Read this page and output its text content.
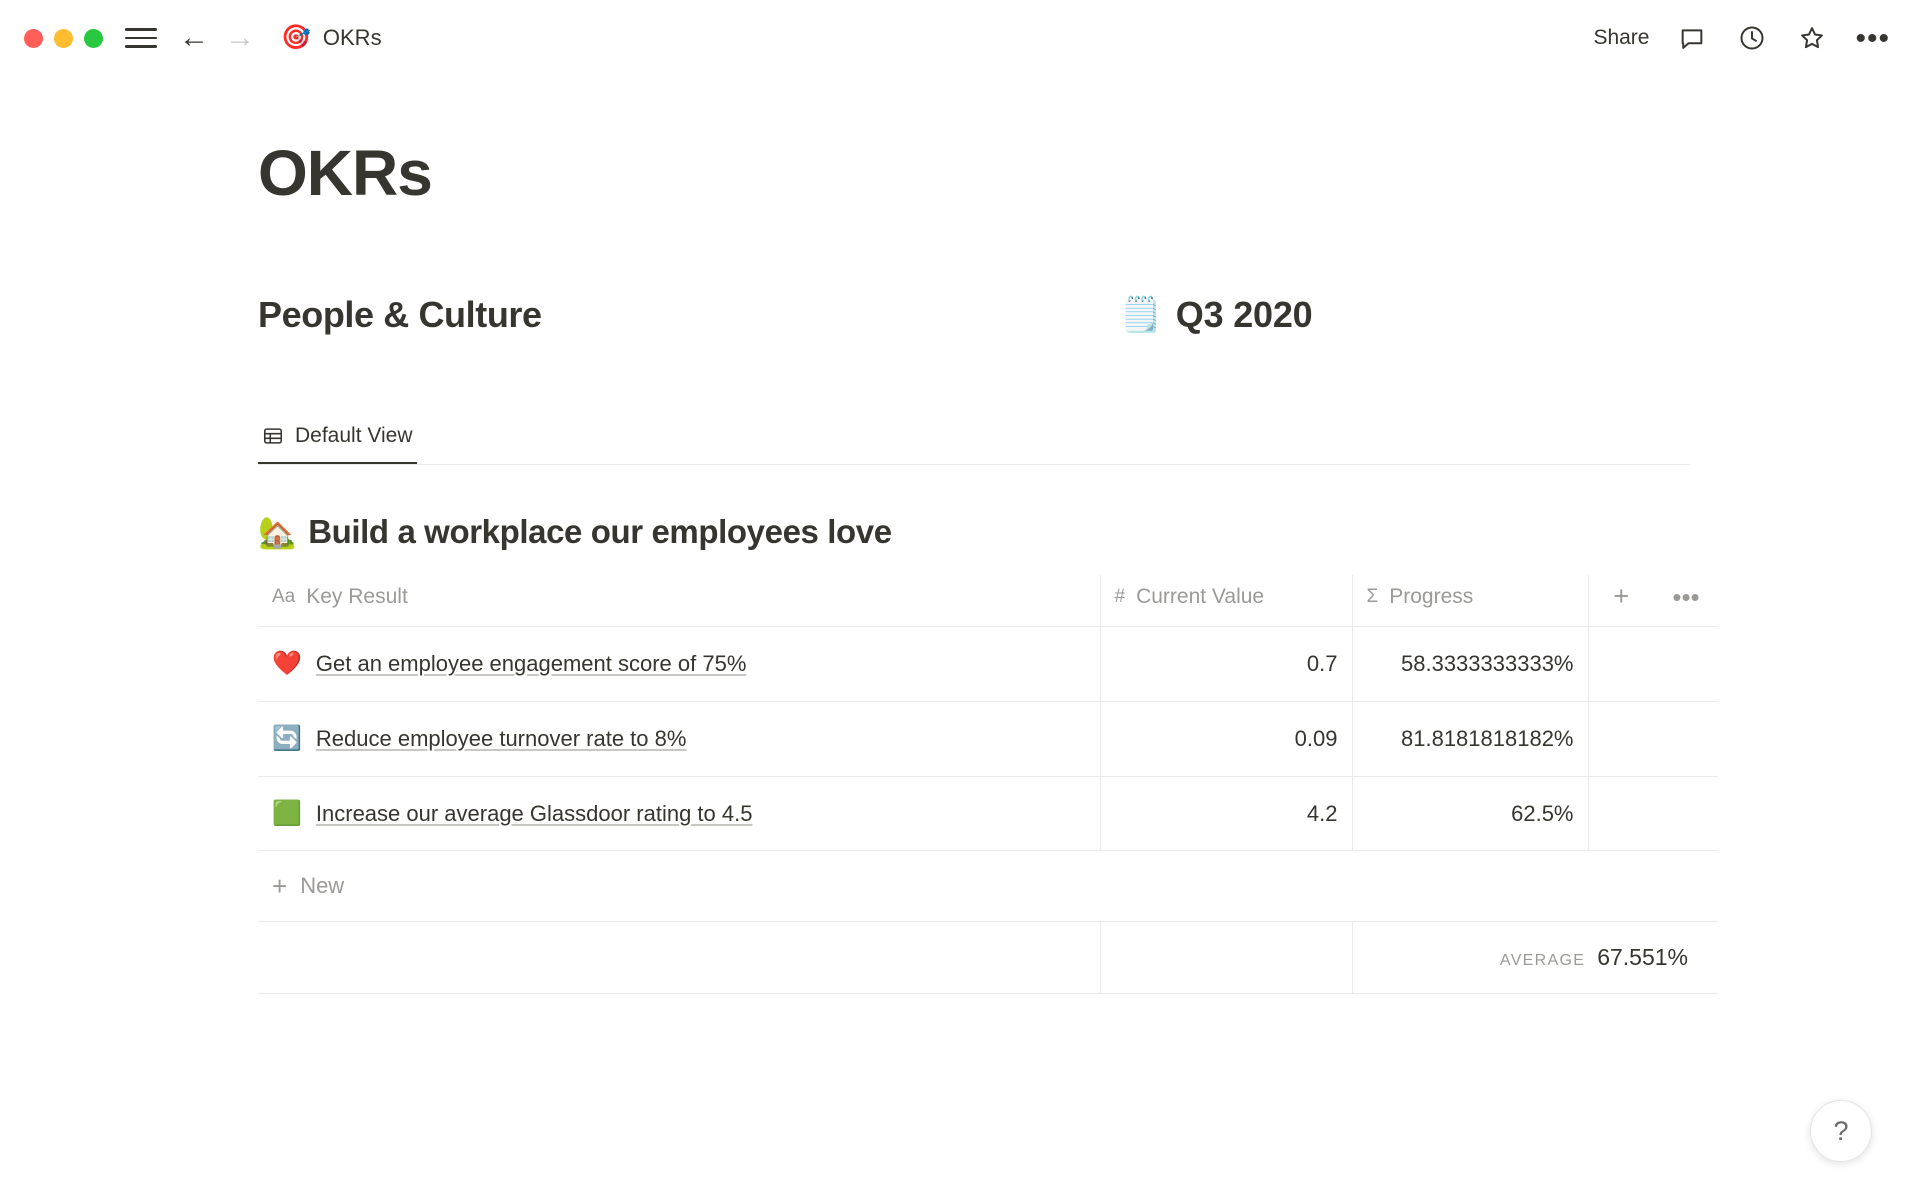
← → 🎯 OKRs	Share	•••
OKRs
People & Culture	🗒️ Q3 2020
Default View
🏡 Build a workplace our employees love
Aa Key Result	# Current Value	Σ Progress	+	•••

❤️ Get an employee engagement score of 75%	0.7	58.3333333333%		

🔄 Reduce employee turnover rate to 8%	0.09	81.8181818182%		

🟩 Increase our average Glassdoor rating to 4.5	4.2	62.5%		

+ New				

		AVERAGE 67.551%		
?
